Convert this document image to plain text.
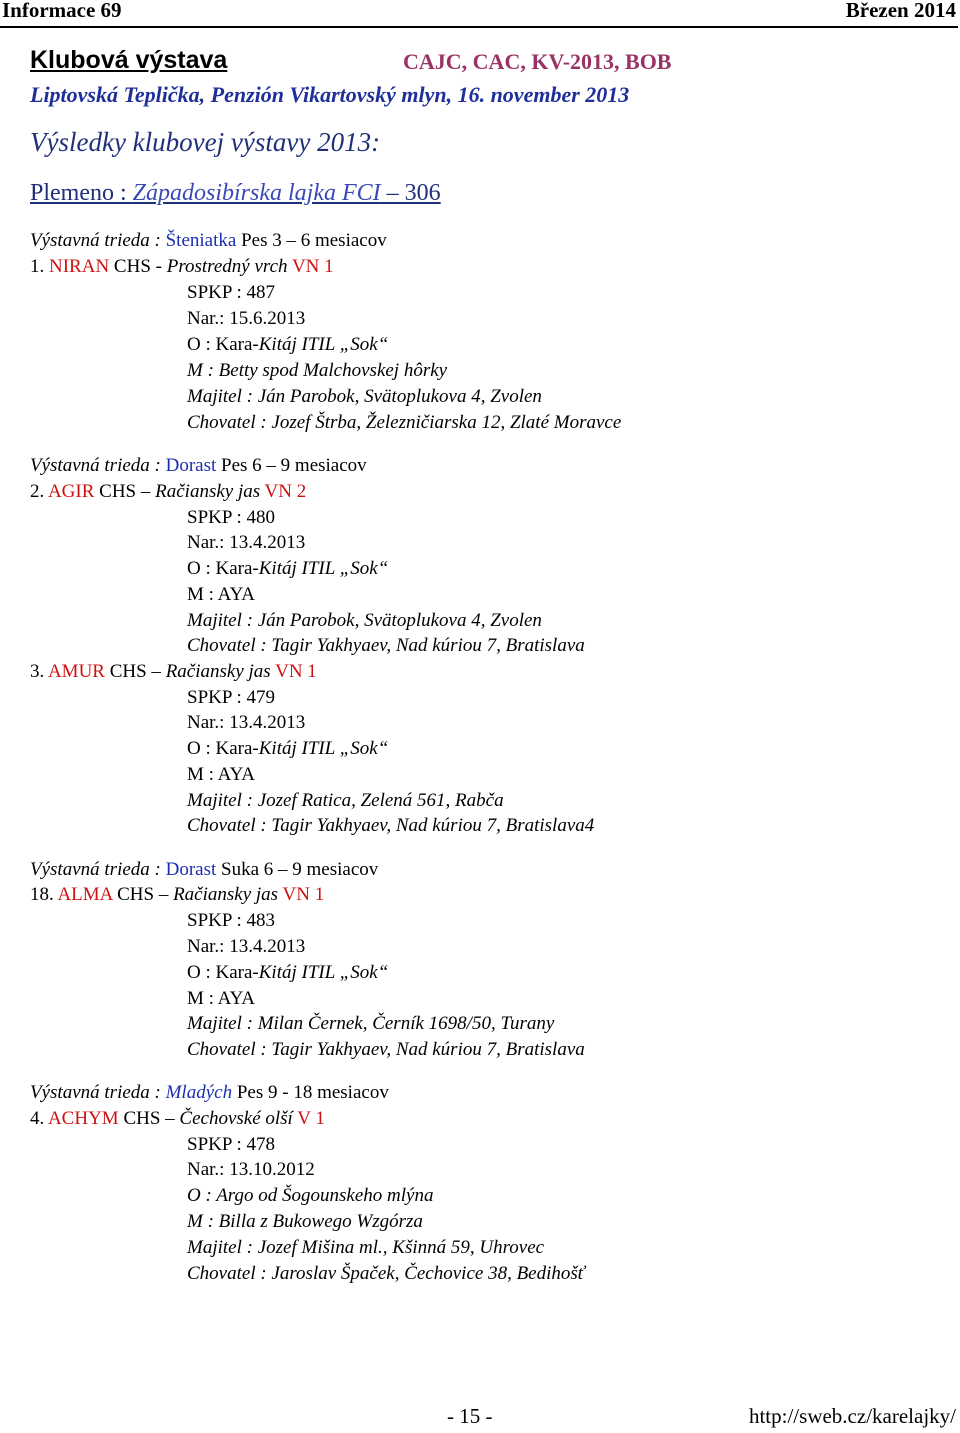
Informace 69	Březen 2014
Klubová výstava	CAJC, CAC, KV-2013, BOB
Liptovská Teplička, Penzión Vikartovský mlyn, 16. november 2013
Výsledky klubovej výstavy 2013:
Plemeno : Západosibírska lajka FCI – 306
Výstavná trieda : Šteniatka Pes 3 – 6 mesiacov
1. NIRAN CHS - Prostredný vrch VN 1
SPKP : 487
Nar.: 15.6.2013
O : Kara-Kitáj ITIL „Sok“
M : Betty spod Malchovskej hôrky
Majitel : Ján Parobok, Svätoplukova 4, Zvolen
Chovatel : Jozef Štrba, Železničiarska 12, Zlaté Moravce
Výstavná trieda : Dorast Pes 6 – 9 mesiacov
2. AGIR CHS – Račiansky jas VN 2
SPKP : 480
Nar.: 13.4.2013
O : Kara-Kitáj ITIL „Sok“
M : AYA
Majitel : Ján Parobok, Svätoplukova 4, Zvolen
Chovatel : Tagir Yakhyaev, Nad kúriou 7, Bratislava
3. AMUR CHS – Račiansky jas VN 1
SPKP : 479
Nar.: 13.4.2013
O : Kara-Kitáj ITIL „Sok“
M : AYA
Majitel : Jozef Ratica, Zelená 561, Rabča
Chovatel : Tagir Yakhyaev, Nad kúriou 7, Bratislava4
Výstavná trieda : Dorast Suka 6 – 9 mesiacov
18. ALMA CHS – Račiansky jas VN 1
SPKP : 483
Nar.: 13.4.2013
O : Kara-Kitáj ITIL „Sok“
M : AYA
Majitel : Milan Černek, Černík 1698/50, Turany
Chovatel : Tagir Yakhyaev, Nad kúriou 7, Bratislava
Výstavná trieda : Mladých Pes 9 - 18 mesiacov
4. ACHYM CHS – Čechovské olší V 1
SPKP : 478
Nar.: 13.10.2012
O : Argo od Šogounskeho mlýna
M : Billa z Bukowego Wzgórza
Majitel : Jozef Mišina ml., Kšinná 59, Uhrovec
Chovatel : Jaroslav Špaček, Čechovice 38, Bedihošť
- 15 -	http://sweb.cz/karelajky/
